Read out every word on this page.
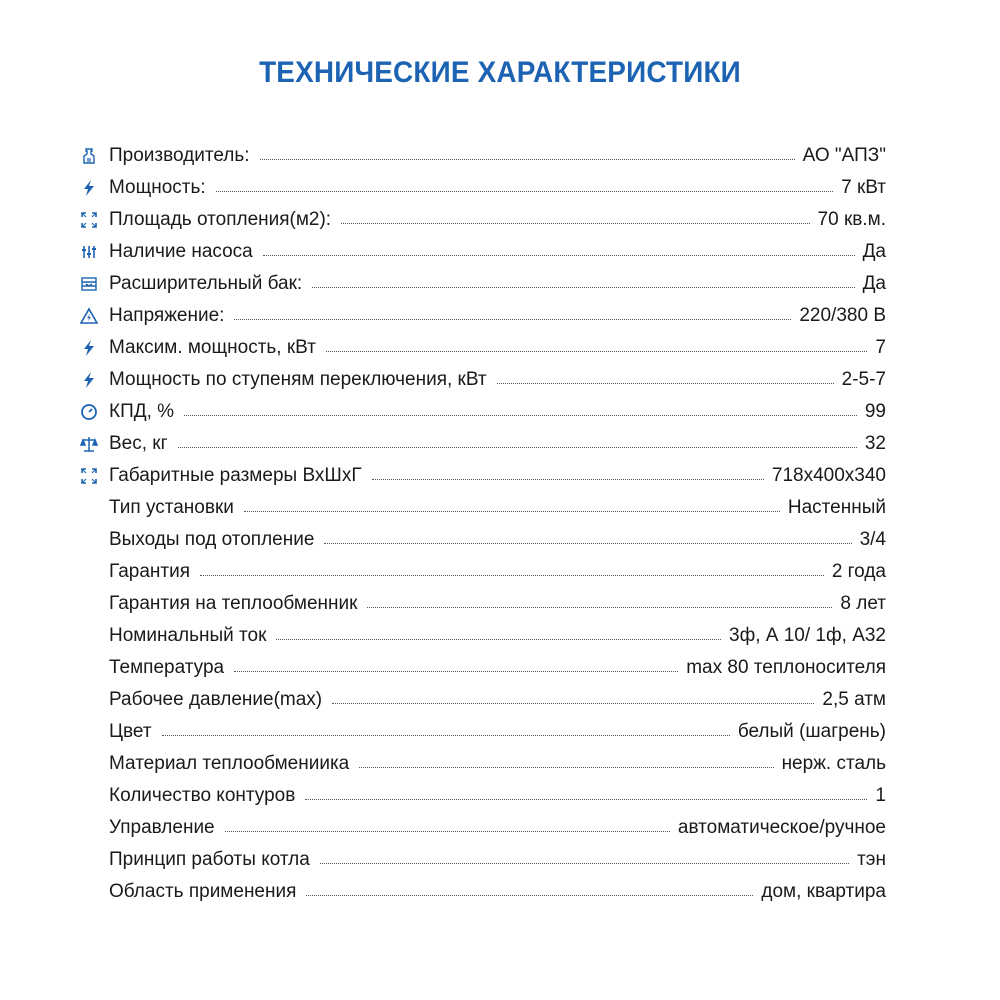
ТЕХНИЧЕСКИЕ ХАРАКТЕРИСТИКИ
Производитель:	АО "АПЗ"
Мощность:	7 кВт
Площадь отопления(м2):	70 кв.м.
Наличие насоса	Да
Расширительный бак:	Да
Напряжение:	220/380 В
Максим. мощность, кВт	7
Мощность по ступеням переключения, кВт	2-5-7
КПД, %	99
Вес, кг	32
Габаритные размеры ВхШхГ	718x400x340
Тип установки	Настенный
Выходы под отопление	3/4
Гарантия	2 года
Гарантия на теплообменник	8 лет
Номинальный ток	3ф, А 10/ 1ф, А32
Температура	max 80 теплоносителя
Рабочее давление(max)	2,5 атм
Цвет	белый (шагрень)
Материал теплообмениика	нерж. сталь
Количество контуров	1
Управление	автоматическое/ручное
Принцип работы котла	тэн
Область применения	дом, квартира
